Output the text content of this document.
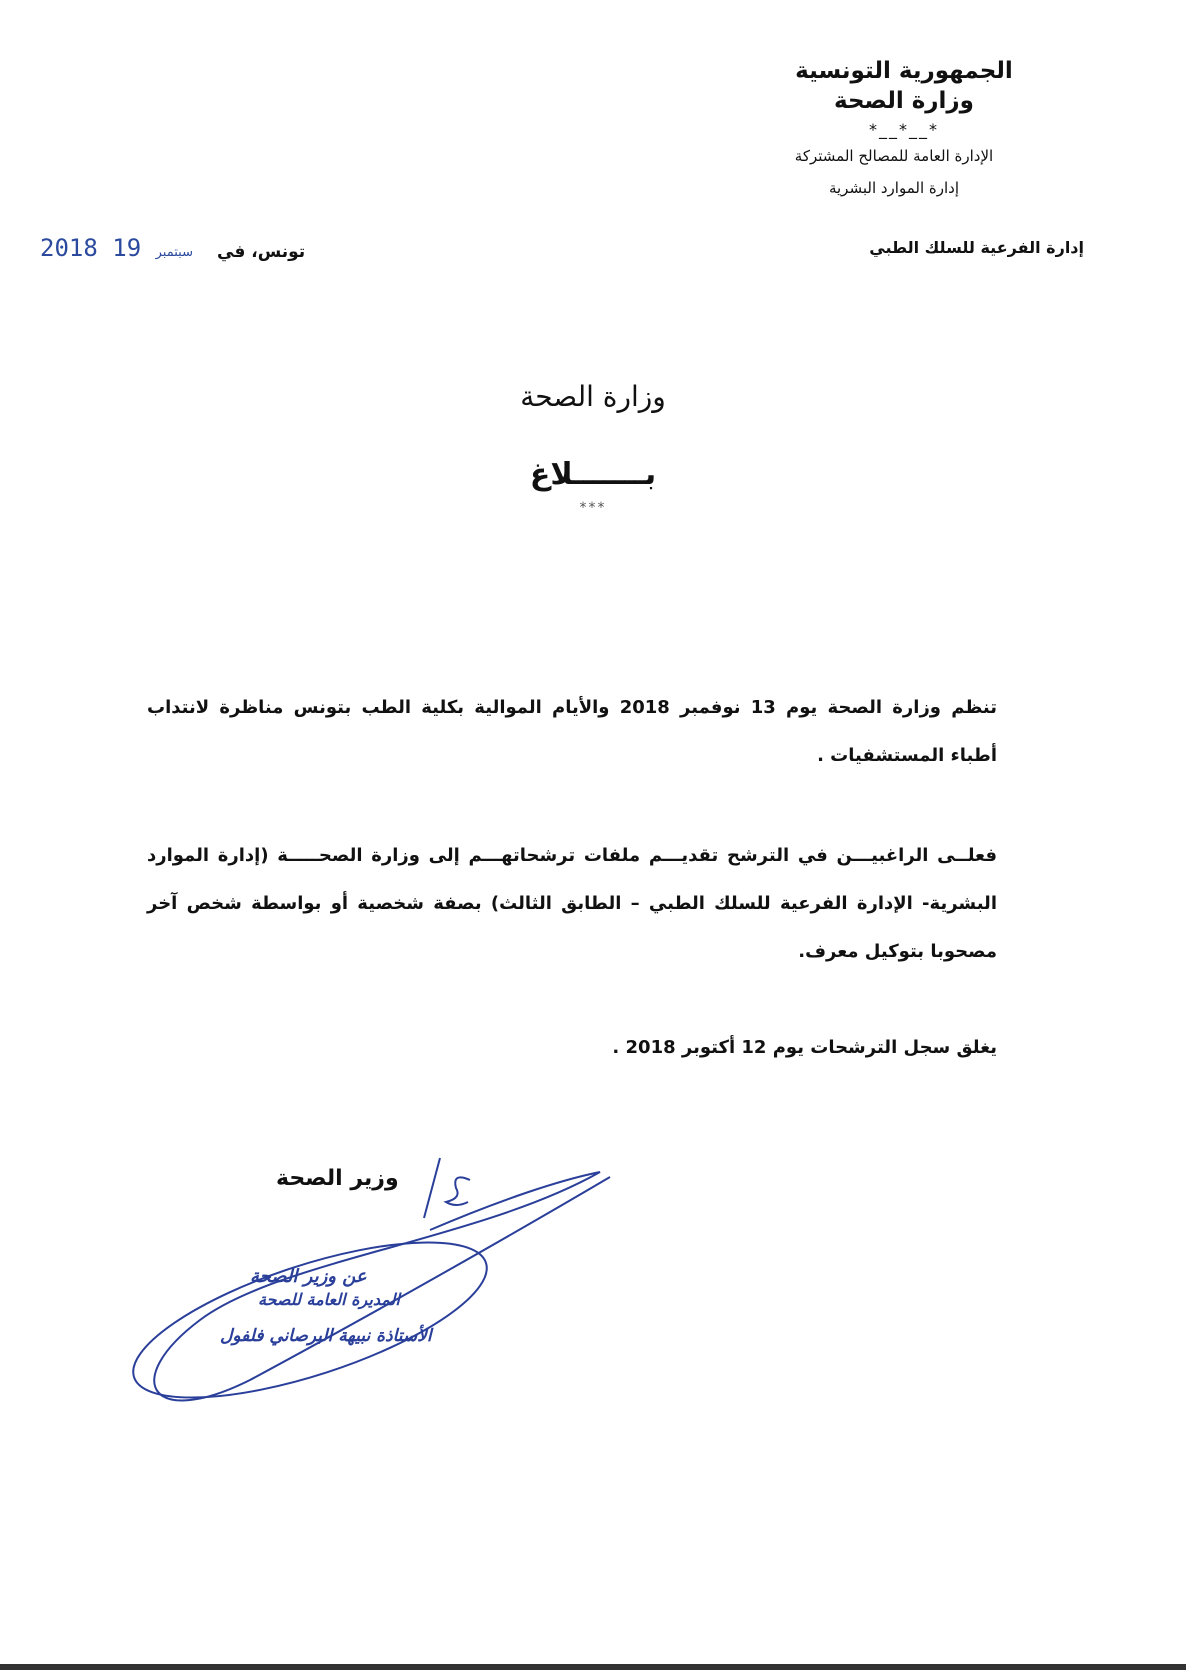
الجمهورية التونسية
وزارة الصحة
*__*__*
الإدارة العامة للمصالح المشتركة
إدارة الموارد البشرية
إدارة الفرعية للسلك الطبي
تونس، في
2018	سبتمبر 19
وزارة الصحة
بـــــــلاغ
***
تنظم وزارة الصحة يوم 13 نوفمبر 2018 والأيام الموالية بكلية الطب بتونس مناظرة لانتداب أطباء المستشفيات .
فعلــى الراغبيـــن في الترشح تقديـــم ملفات ترشحاتهـــم إلى وزارة الصحـــــة (إدارة الموارد البشرية- الإدارة الفرعية للسلك الطبي – الطابق الثالث) بصفة شخصية أو بواسطة شخص آخر مصحوبا بتوكيل معرف.
يغلق سجل الترشحات يوم 12 أكتوبر 2018 .
وزير الصحة
عن وزير الصحة
المديرة العامة للصحة
الأستاذة نبيهة البرصاني فلفول
